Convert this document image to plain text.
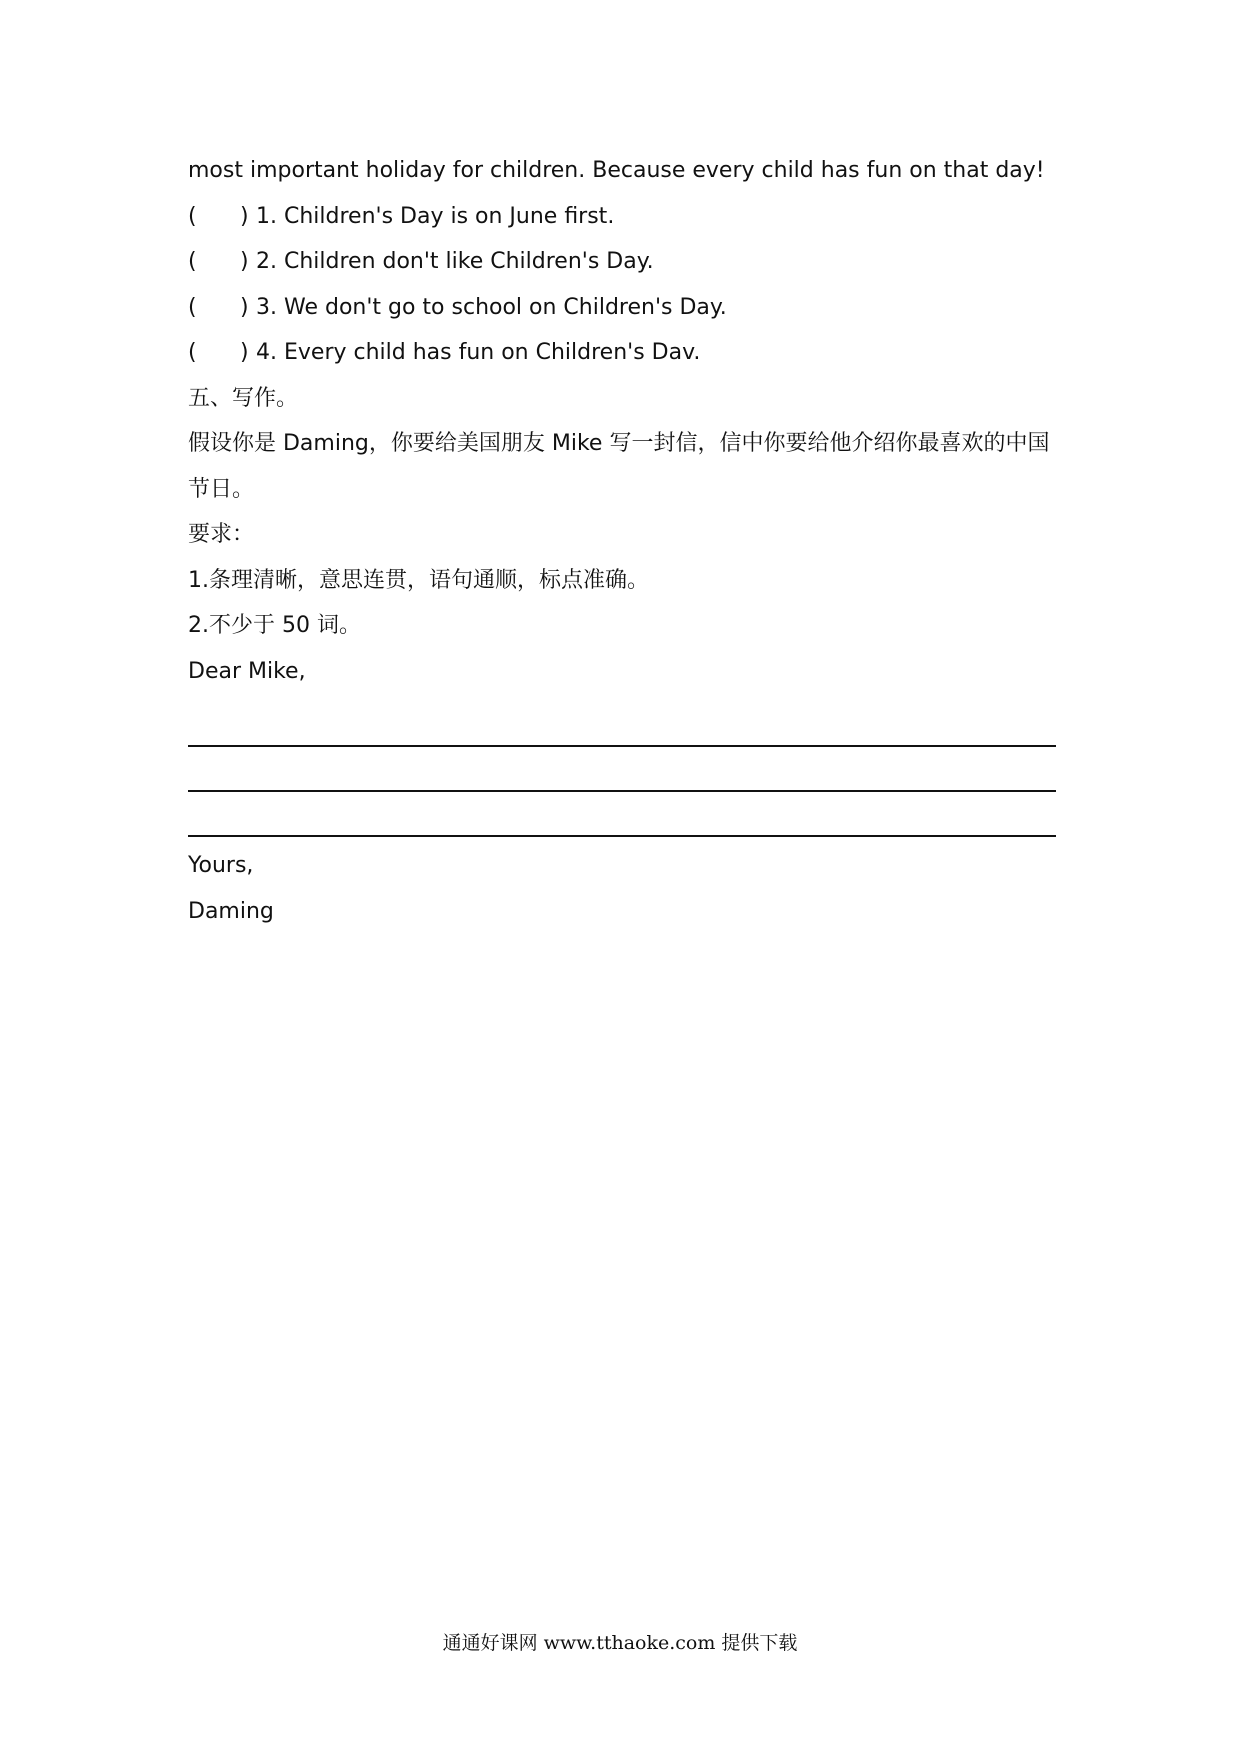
most important holiday for children. Because every child has fun on that day!
(	) 1. Children's Day is on June first.
(	) 2. Children don't like Children's Day.
(	) 3. We don't go to school on Children's Day.
(	) 4. Every child has fun on Children's Dav.
五、写作。
假设你是 Daming，你要给美国朋友 Mike 写一封信，信中你要给他介绍你最喜欢的中国节日。
要求：
1.条理清晰，意思连贯，语句通顺，标点准确。
2.不少于 50 词。
Dear Mike,
Yours,
Daming
通通好课网 www.tthaoke.com 提供下载
